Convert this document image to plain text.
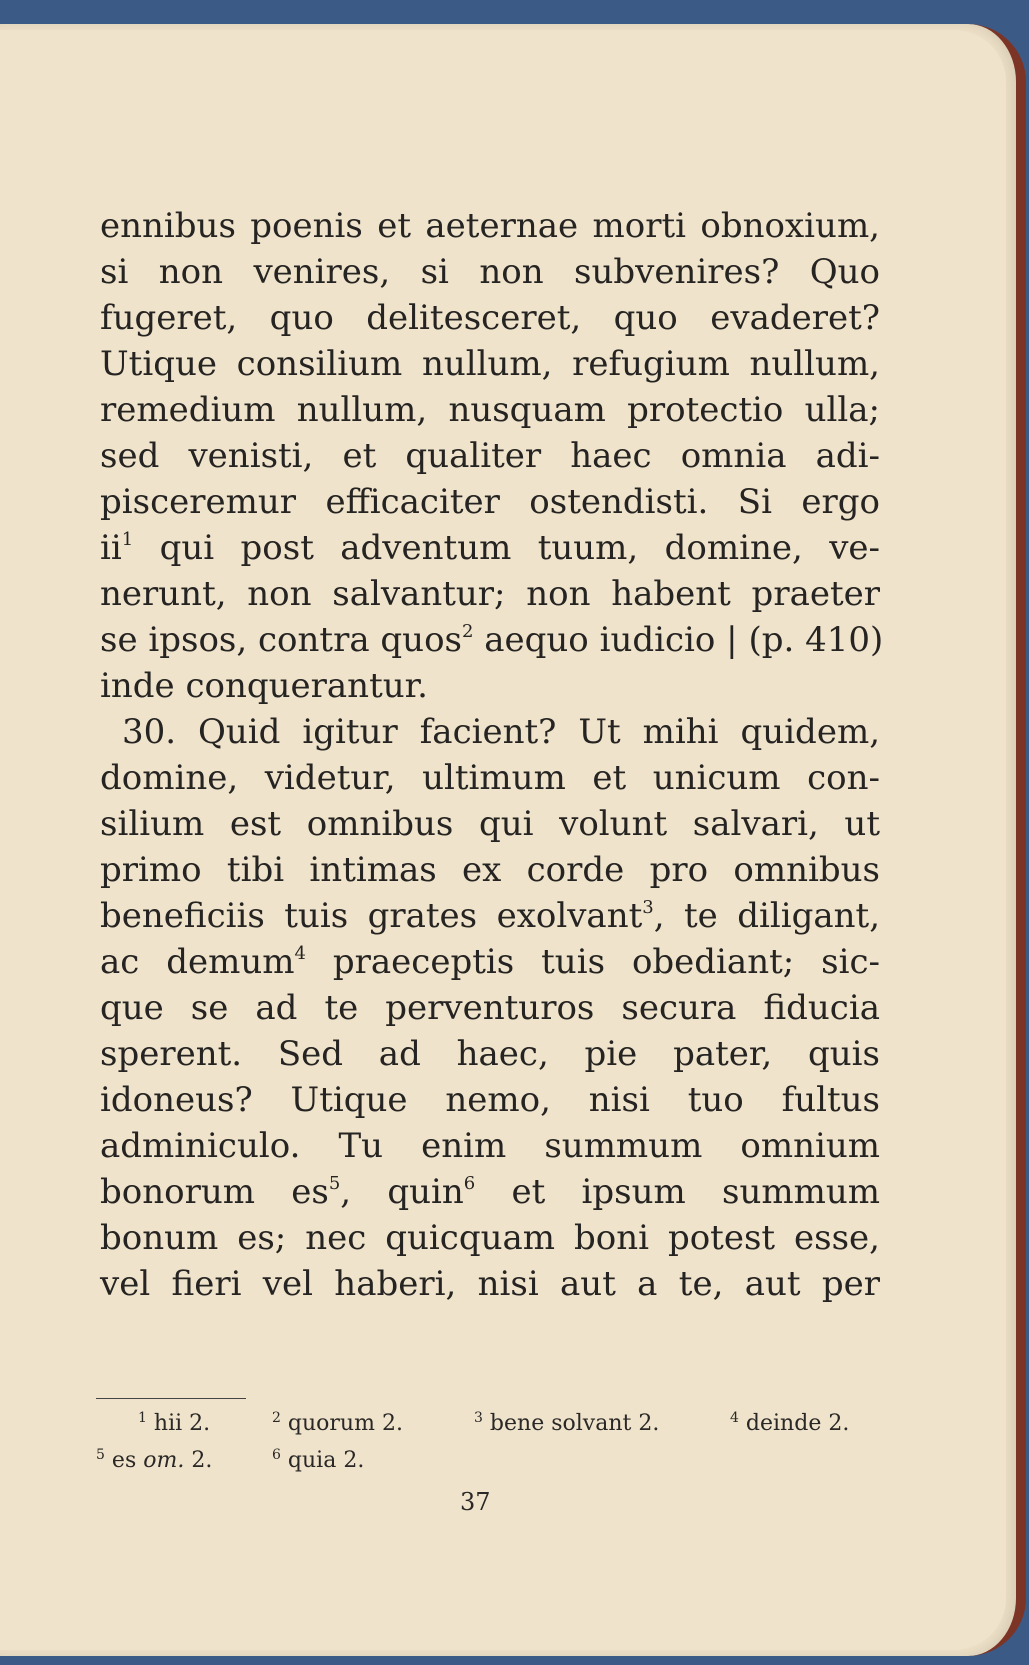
ennibus poenis et aeternae morti obnoxium,
si non venires, si non subvenires? Quo
fugeret, quo delitesceret, quo evaderet?
Utique consilium nullum, refugium nullum,
remedium nullum, nusquam protectio ulla;
sed venisti, et qualiter haec omnia adi-
pisceremur efficaciter ostendisti. Si ergo
$ii^1$ qui post adventum tuum, domine, ve-
nerunt, non salvantur; non habent praeter
se ipsos, contra quos$^2$ aequo iudicio | (p. 410)
inde conquerantur.
30. Quid igitur facient? Ut mihi quidem,
domine, videtur, ultimum et unicum con-
silium est omnibus qui volunt salvari, ut
primo tibi intimas ex corde pro omnibus
beneficiis tuis grates exolvant$^3$, te diligant,
ac demum$^4$ praeceptis tuis obediant; sic-
que se ad te perventuros secura fiducia
sperent. Sed ad haec, pie pater, quis
idoneus? Utique nemo, nisi tuo fultus
adminiculo. Tu enim summum omnium
bonorum $es^5$, quin$^6$ et ipsum summum
bonum es; nec quicquam boni potest esse,
vel fieri vel haberi, nisi aut a te, aut per
$^1$ hii 2.	$^2$ quorum 2.	$^3$ bene solvant 2.	$^4$ deinde 2.
$^5$ es om. 2.	$^6$ quia 2.
37
